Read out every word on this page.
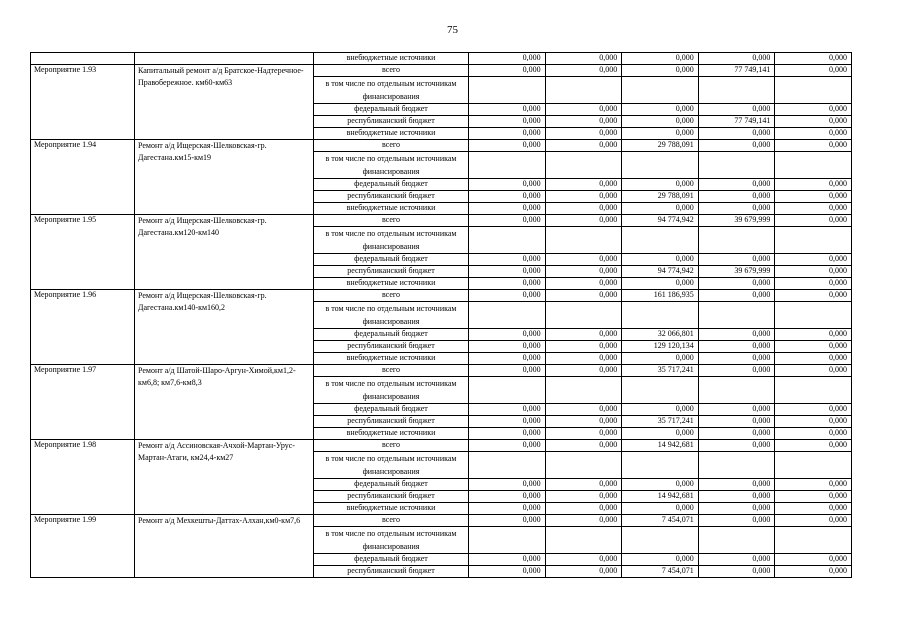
75
		внебюджетные источники	0,000	0,000	0,000	0,000	0,000
Мероприятие 1.93	Капитальный ремонт а/д Братское-Надтеречное-Правобережное. км60-км63	всего	0,000	0,000	0,000	77 749,141	0,000
		в том числе по отдельным источникам финансирования					
		федеральный бюджет	0,000	0,000	0,000	0,000	0,000
		республиканский бюджет	0,000	0,000	0,000	77 749,141	0,000
		внебюджетные источники	0,000	0,000	0,000	0,000	0,000
Мероприятие 1.94	Ремонт а/д Ищерская-Шелковская-гр. Дагестана.км15-км19	всего	0,000	0,000	29 788,091	0,000	0,000
		в том числе по отдельным источникам финансирования					
		федеральный бюджет	0,000	0,000	0,000	0,000	0,000
		республиканский бюджет	0,000	0,000	29 788,091	0,000	0,000
		внебюджетные источники	0,000	0,000	0,000	0,000	0,000
Мероприятие 1.95	Ремонт а/д Ищерская-Шелковская-гр. Дагестана.км120-км140	всего	0,000	0,000	94 774,942	39 679,999	0,000
		в том числе по отдельным источникам финансирования					
		федеральный бюджет	0,000	0,000	0,000	0,000	0,000
		республиканский бюджет	0,000	0,000	94 774,942	39 679,999	0,000
		внебюджетные источники	0,000	0,000	0,000	0,000	0,000
Мероприятие 1.96	Ремонт а/д Ищерская-Шелковская-гр. Дагестана.км140-км160,2	всего	0,000	0,000	161 186,935	0,000	0,000
		в том числе по отдельным источникам финансирования					
		федеральный бюджет	0,000	0,000	32 066,801	0,000	0,000
		республиканский бюджет	0,000	0,000	129 120,134	0,000	0,000
		внебюджетные источники	0,000	0,000	0,000	0,000	0,000
Мероприятие 1.97	Ремонт а/д Шатой-Шаро-Аргун-Химой,км1,2-км6,8; км7,6-км8,3	всего	0,000	0,000	35 717,241	0,000	0,000
		в том числе по отдельным источникам финансирования					
		федеральный бюджет	0,000	0,000	0,000	0,000	0,000
		республиканский бюджет	0,000	0,000	35 717,241	0,000	0,000
		внебюджетные источники	0,000	0,000	0,000	0,000	0,000
Мероприятие 1.98	Ремонт а/д Ассиновская-Ачхой-Мартан-Урус-Мартан-Атаги, км24,4-км27	всего	0,000	0,000	14 942,681	0,000	0,000
		в том числе по отдельным источникам финансирования					
		федеральный бюджет	0,000	0,000	0,000	0,000	0,000
		республиканский бюджет	0,000	0,000	14 942,681	0,000	0,000
		внебюджетные источники	0,000	0,000	0,000	0,000	0,000
Мероприятие 1.99	Ремонт а/д Мехкешты-Даттах-Алхан,км0-км7,6	всего	0,000	0,000	7 454,071	0,000	0,000
		в том числе по отдельным источникам финансирования					
		федеральный бюджет	0,000	0,000	0,000	0,000	0,000
		республиканский бюджет	0,000	0,000	7 454,071	0,000	0,000
